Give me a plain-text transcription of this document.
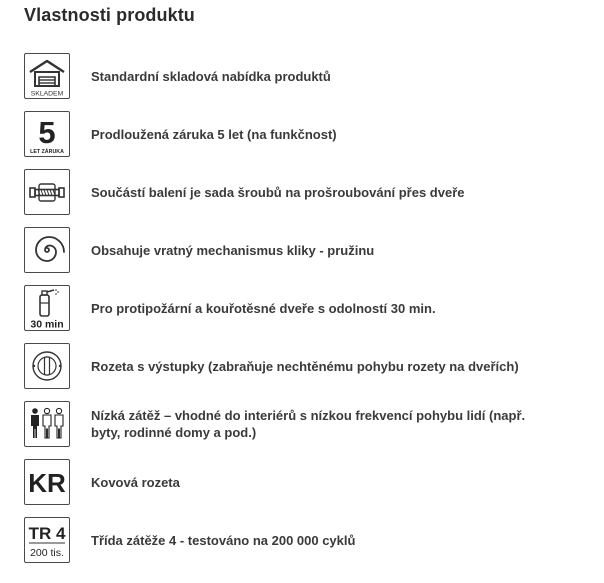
Vlastnosti produktu
SKLADEM
Standardní skladová nabídka produktů
5
LET ZÁRUKA
Prodloužená záruka 5 let (na funkčnost)
Součástí balení je sada šroubů na prošroubování přes dveře
Obsahuje vratný mechanismus kliky - pružinu
30 min
Pro protipožární a kouřotěsné dveře s odolností 30 min.
Rozeta s výstupky (zabraňuje nechtěnému pohybu rozety na dveřích)
Nízká zátěž – vhodné do interiérů s nízkou frekvencí pohybu lidí (např. byty, rodinné domy a pod.)
KR Kovová rozeta
TR 4
200 tis.
Třída zátěže 4 - testováno na 200 000 cyklů
